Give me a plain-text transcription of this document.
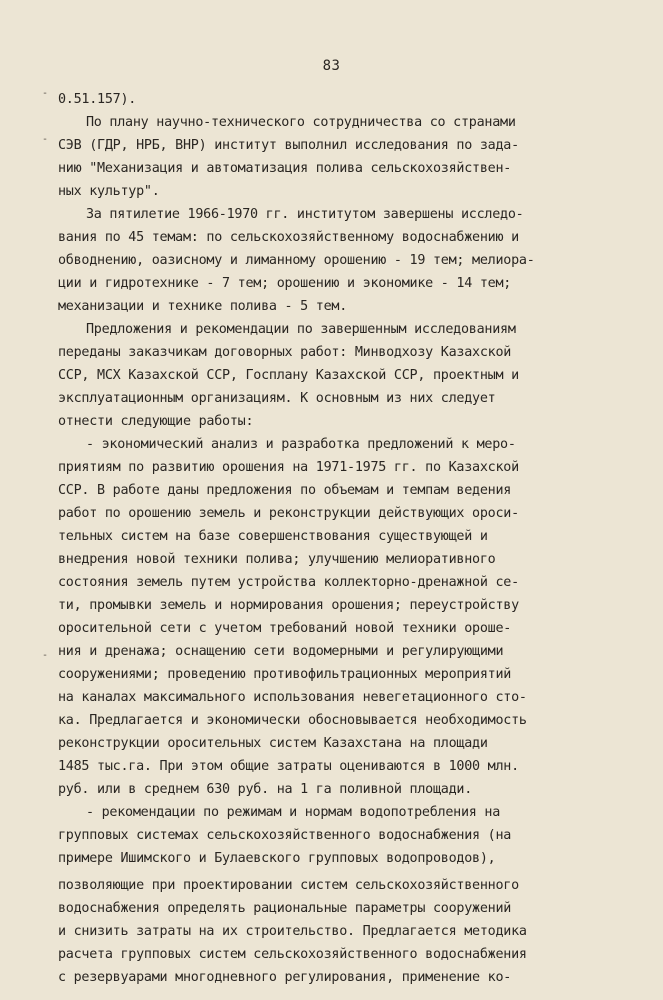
-
-
-
83
0.51.157).
По плану научно-технического сотрудничества со странами
СЭВ (ГДР, НРБ, ВНР) институт выполнил исследования по зада-
нию "Механизация и автоматизация полива сельскохозяйствен-
ных культур".
За пятилетие 1966-1970 гг. институтом завершены исследо-
вания по 45 темам: по сельскохозяйственному водоснабжению и
обводнению, оазисному и лиманному орошению - 19 тем; мелиора-
ции и гидротехнике - 7 тем; орошению и экономике - 14 тем;
механизации и технике полива - 5 тем.
Предложения и рекомендации по завершенным исследованиям
переданы заказчикам договорных работ: Минводхозу Казахской
ССР, МСХ Казахской ССР, Госплану Казахской ССР, проектным и
эксплуатационным организациям. К основным из них следует
отнести следующие работы:
- экономический анализ и разработка предложений к меро-
приятиям по развитию орошения на 1971-1975 гг. по Казахской
ССР. В работе даны предложения по объемам и темпам ведения
работ по орошению земель и реконструкции действующих ороси-
тельных систем на базе совершенствования существующей и
внедрения новой техники полива; улучшению мелиоративного
состояния земель путем устройства коллекторно-дренажной се-
ти, промывки земель и нормирования орошения; переустройству
оросительной сети с учетом требований новой техники ороше-
ния и дренажа; оснащению сети водомерными и регулирующими
сооружениями; проведению противофильтрационных мероприятий
на каналах максимального использования невегетационного сто-
ка. Предлагается и экономически обосновывается необходимость
реконструкции оросительных систем Казахстана на площади
1485 тыс.га. При этом общие затраты оцениваются в 1000 млн.
руб. или в среднем 630 руб. на 1 га поливной площади.
- рекомендации по режимам и нормам водопотребления на
групповых системах сельскохозяйственного водоснабжения (на
примере Ишимского и Булаевского групповых водопроводов),
позволяющие при проектировании систем сельскохозяйственного
водоснабжения определять рациональные параметры сооружений
и снизить затраты на их строительство. Предлагается методика
расчета групповых систем сельскохозяйственного водоснабжения
с резервуарами многодневного регулирования, применение ко-
